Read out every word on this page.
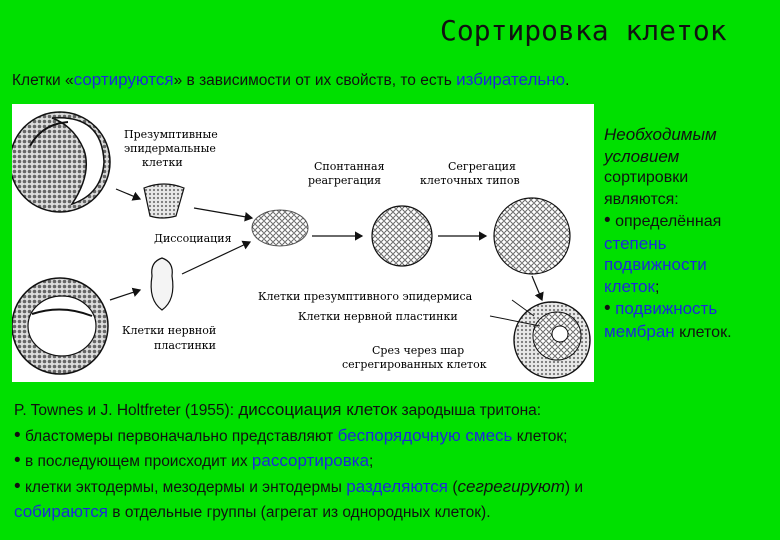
Сортировка клеток
Клетки «сортируются» в зависимости от их свойств, то есть избирательно.
Презумптивные
эпидермальные
клетки	Спонтанная
реагрегация
Сегрегация
клеточных типов
Диссоциация
Клетки нервной
пластинки
Клетки презумптивного эпидермиса
Клетки нервной пластинки
Срез через шар
сегрегированных клеток
Необходимым
условием
сортировки
являются:
• определённая
степень
подвижности
клеток;
• подвижность
мембран клеток.
P. Townes и J. Holtfreter (1955): диссоциация клеток зародыша тритона:
• бластомеры первоначально представляют беспорядочную смесь клеток;
• в последующем происходит их рассортировка;
• клетки эктодермы, мезодермы и энтодермы разделяются (сегрегируют) и
собираются в отдельные группы (агрегат из однородных клеток).
